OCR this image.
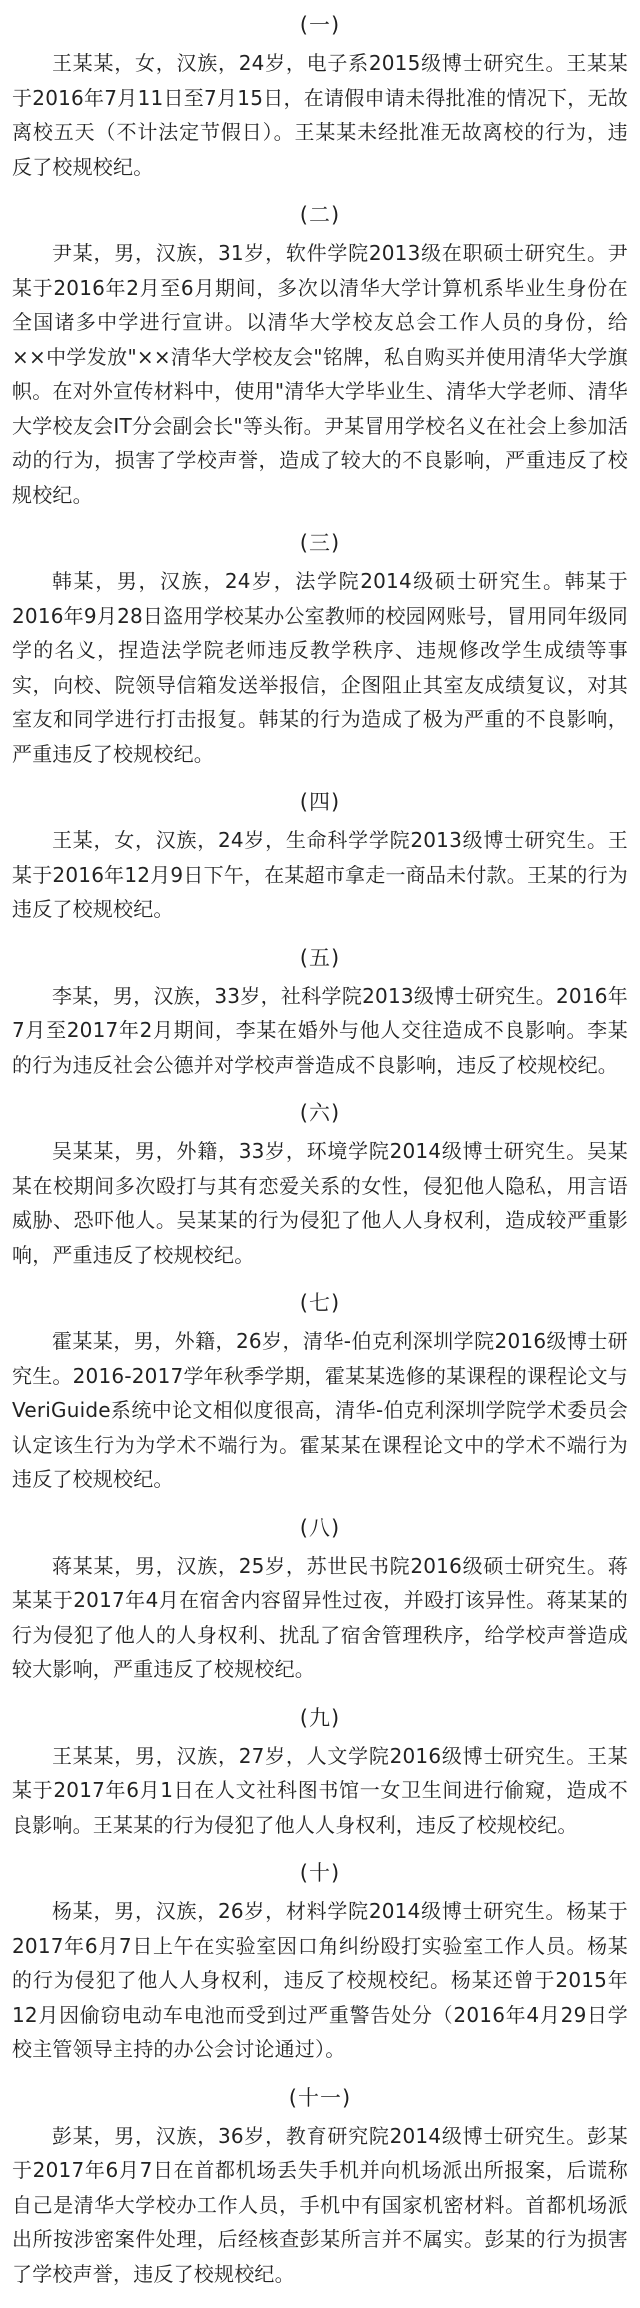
(一)

王某某，女，汉族，24岁，电子系2015级博士研究生。王某某于2016年7月11日至7月15日，在请假申请未得批准的情况下，无故离校五天（不计法定节假日）。王某某未经批准无故离校的行为，违反了校规校纪。

(二)

尹某，男，汉族，31岁，软件学院2013级在职硕士研究生。尹某于2016年2月至6月期间，多次以清华大学计算机系毕业生身份在全国诸多中学进行宣讲。以清华大学校友总会工作人员的身份，给××中学发放"××清华大学校友会"铭牌，私自购买并使用清华大学旗帜。在对外宣传材料中，使用"清华大学毕业生、清华大学老师、清华大学校友会IT分会副会长"等头衔。尹某冒用学校名义在社会上参加活动的行为，损害了学校声誉，造成了较大的不良影响，严重违反了校规校纪。

(三)

韩某，男，汉族，24岁，法学院2014级硕士研究生。韩某于2016年9月28日盗用学校某办公室教师的校园网账号，冒用同年级同学的名义，捏造法学院老师违反教学秩序、违规修改学生成绩等事实，向校、院领导信箱发送举报信，企图阻止其室友成绩复议，对其室友和同学进行打击报复。韩某的行为造成了极为严重的不良影响，严重违反了校规校纪。

(四)

王某，女，汉族，24岁，生命科学学院2013级博士研究生。王某于2016年12月9日下午，在某超市拿走一商品未付款。王某的行为违反了校规校纪。

(五)

李某，男，汉族，33岁，社科学院2013级博士研究生。2016年7月至2017年2月期间，李某在婚外与他人交往造成不良影响。李某的行为违反社会公德并对学校声誉造成不良影响，违反了校规校纪。

(六)

吴某某，男，外籍，33岁，环境学院2014级博士研究生。吴某某在校期间多次殴打与其有恋爱关系的女性，侵犯他人隐私，用言语威胁、恐吓他人。吴某某的行为侵犯了他人人身权利，造成较严重影响，严重违反了校规校纪。

(七)

霍某某，男，外籍，26岁，清华-伯克利深圳学院2016级博士研究生。2016-2017学年秋季学期，霍某某选修的某课程的课程论文与VeriGuide系统中论文相似度很高，清华-伯克利深圳学院学术委员会认定该生行为为学术不端行为。霍某某在课程论文中的学术不端行为违反了校规校纪。

(八)

蒋某某，男，汉族，25岁，苏世民书院2016级硕士研究生。蒋某某于2017年4月在宿舍内容留异性过夜，并殴打该异性。蒋某某的行为侵犯了他人的人身权利、扰乱了宿舍管理秩序，给学校声誉造成较大影响，严重违反了校规校纪。

(九)

王某某，男，汉族，27岁，人文学院2016级博士研究生。王某某于2017年6月1日在人文社科图书馆一女卫生间进行偷窥，造成不良影响。王某某的行为侵犯了他人人身权利，违反了校规校纪。

(十)

杨某，男，汉族，26岁，材料学院2014级博士研究生。杨某于2017年6月7日上午在实验室因口角纠纷殴打实验室工作人员。杨某的行为侵犯了他人人身权利，违反了校规校纪。杨某还曾于2015年12月因偷窃电动车电池而受到过严重警告处分（2016年4月29日学校主管领导主持的办公会讨论通过）。

(十一)

彭某，男，汉族，36岁，教育研究院2014级博士研究生。彭某于2017年6月7日在首都机场丢失手机并向机场派出所报案，后谎称自己是清华大学校办工作人员，手机中有国家机密材料。首都机场派出所按涉密案件处理，后经核查彭某所言并不属实。彭某的行为损害了学校声誉，违反了校规校纪。
